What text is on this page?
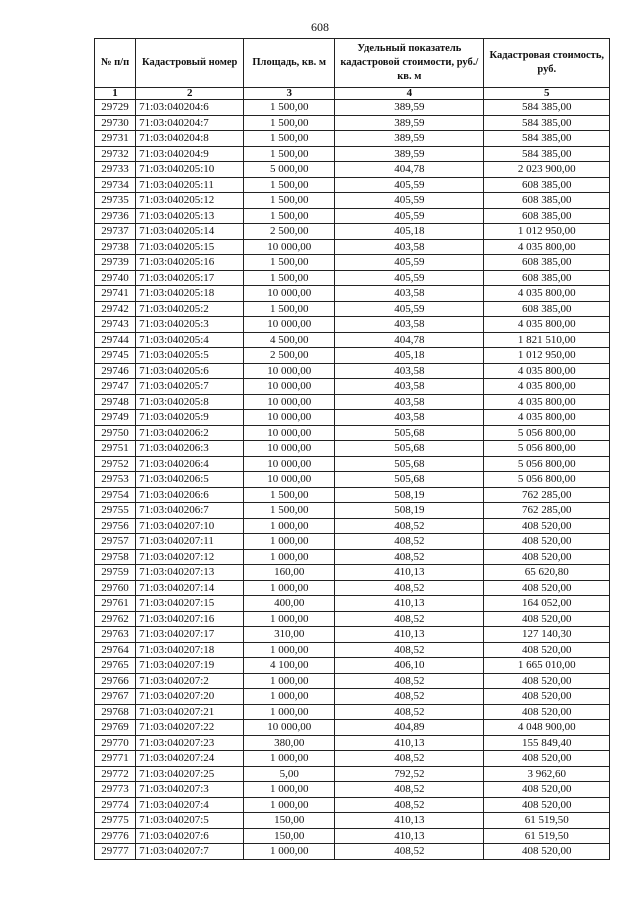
608
№ п/п	Кадастровый номер	Площадь, кв. м	Удельный показатель кадастровой стоимости, руб./кв. м	Кадастровая стоимость, руб.
1	2	3	4	5
29729	71:03:040204:6	1 500,00	389,59	584 385,00
29730	71:03:040204:7	1 500,00	389,59	584 385,00
29731	71:03:040204:8	1 500,00	389,59	584 385,00
29732	71:03:040204:9	1 500,00	389,59	584 385,00
29733	71:03:040205:10	5 000,00	404,78	2 023 900,00
29734	71:03:040205:11	1 500,00	405,59	608 385,00
29735	71:03:040205:12	1 500,00	405,59	608 385,00
29736	71:03:040205:13	1 500,00	405,59	608 385,00
29737	71:03:040205:14	2 500,00	405,18	1 012 950,00
29738	71:03:040205:15	10 000,00	403,58	4 035 800,00
29739	71:03:040205:16	1 500,00	405,59	608 385,00
29740	71:03:040205:17	1 500,00	405,59	608 385,00
29741	71:03:040205:18	10 000,00	403,58	4 035 800,00
29742	71:03:040205:2	1 500,00	405,59	608 385,00
29743	71:03:040205:3	10 000,00	403,58	4 035 800,00
29744	71:03:040205:4	4 500,00	404,78	1 821 510,00
29745	71:03:040205:5	2 500,00	405,18	1 012 950,00
29746	71:03:040205:6	10 000,00	403,58	4 035 800,00
29747	71:03:040205:7	10 000,00	403,58	4 035 800,00
29748	71:03:040205:8	10 000,00	403,58	4 035 800,00
29749	71:03:040205:9	10 000,00	403,58	4 035 800,00
29750	71:03:040206:2	10 000,00	505,68	5 056 800,00
29751	71:03:040206:3	10 000,00	505,68	5 056 800,00
29752	71:03:040206:4	10 000,00	505,68	5 056 800,00
29753	71:03:040206:5	10 000,00	505,68	5 056 800,00
29754	71:03:040206:6	1 500,00	508,19	762 285,00
29755	71:03:040206:7	1 500,00	508,19	762 285,00
29756	71:03:040207:10	1 000,00	408,52	408 520,00
29757	71:03:040207:11	1 000,00	408,52	408 520,00
29758	71:03:040207:12	1 000,00	408,52	408 520,00
29759	71:03:040207:13	160,00	410,13	65 620,80
29760	71:03:040207:14	1 000,00	408,52	408 520,00
29761	71:03:040207:15	400,00	410,13	164 052,00
29762	71:03:040207:16	1 000,00	408,52	408 520,00
29763	71:03:040207:17	310,00	410,13	127 140,30
29764	71:03:040207:18	1 000,00	408,52	408 520,00
29765	71:03:040207:19	4 100,00	406,10	1 665 010,00
29766	71:03:040207:2	1 000,00	408,52	408 520,00
29767	71:03:040207:20	1 000,00	408,52	408 520,00
29768	71:03:040207:21	1 000,00	408,52	408 520,00
29769	71:03:040207:22	10 000,00	404,89	4 048 900,00
29770	71:03:040207:23	380,00	410,13	155 849,40
29771	71:03:040207:24	1 000,00	408,52	408 520,00
29772	71:03:040207:25	5,00	792,52	3 962,60
29773	71:03:040207:3	1 000,00	408,52	408 520,00
29774	71:03:040207:4	1 000,00	408,52	408 520,00
29775	71:03:040207:5	150,00	410,13	61 519,50
29776	71:03:040207:6	150,00	410,13	61 519,50
29777	71:03:040207:7	1 000,00	408,52	408 520,00
